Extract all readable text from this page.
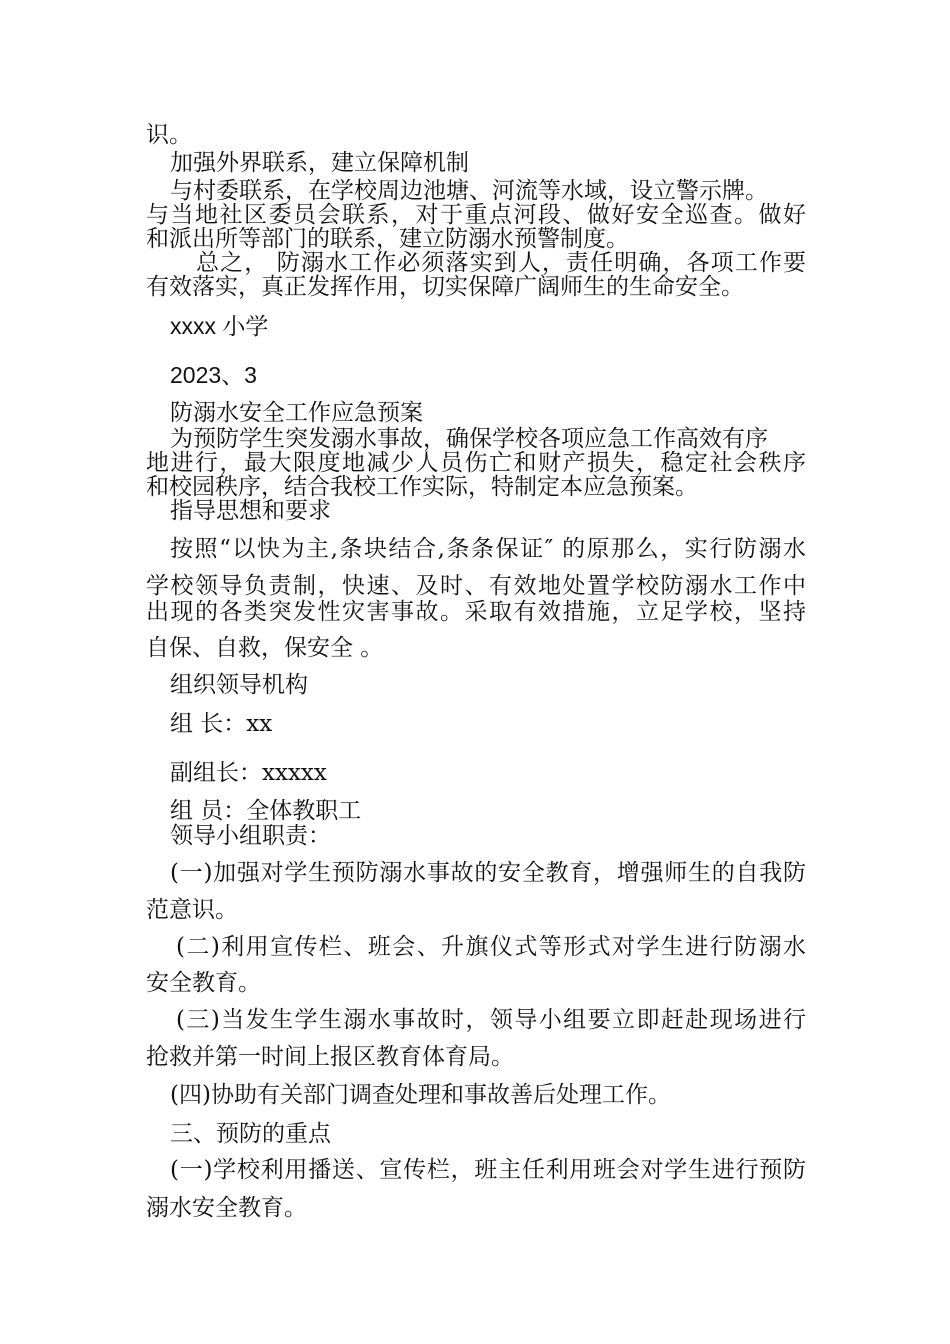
识。

加强外界联系，建立保障机制

与村委联系，在学校周边池塘、河流等水域，设立警示牌。

与当地社区委员会联系，对于重点河段、做好安全巡查。做好

和派出所等部门的联系，建立防溺水预警制度。

总之， 防溺水工作必须落实到人，责任明确，各项工作要

有效落实，真正发挥作用，切实保障广阔师生的生命安全。

xxxx 小学

2023、3

防溺水安全工作应急预案

为预防学生突发溺水事故，确保学校各项应急工作高效有序

地进行，最大限度地减少人员伤亡和财产损失，稳定社会秩序

和校园秩序，结合我校工作实际，特制定本应急预案。

指导思想和要求

按照“以快为主,条块结合,条条保证″ 的原那么，实行防溺水

学校领导负责制，快速、及时、有效地处置学校防溺水工作中

出现的各类突发性灾害事故。采取有效措施，立足学校，坚持

自保、自救，保安全 。

组织领导机构

组 长：xx

副组长：xxxxx

组 员：全体教职工

领导小组职责：

(一)加强对学生预防溺水事故的安全教育，增强师生的自我防

范意识。

(二)利用宣传栏、班会、升旗仪式等形式对学生进行防溺水

安全教育。

(三)当发生学生溺水事故时，领导小组要立即赶赴现场进行

抢救并第一时间上报区教育体育局。

(四)协助有关部门调查处理和事故善后处理工作。

三、预防的重点

(一)学校利用播送、宣传栏，班主任利用班会对学生进行预防

溺水安全教育。
